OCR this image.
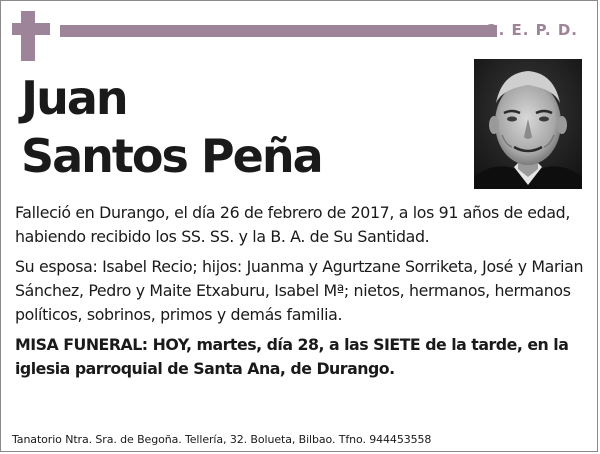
Q. E. P. D.
Juan
Santos Peña

Falleció en Durango, el día 26 de febrero de 2017, a los 91 años de edad, habiendo recibido los SS. SS. y la B. A. de Su Santidad.

Su esposa: Isabel Recio; hijos: Juanma y Agurtzane Sorriketa, José y Marian Sánchez, Pedro y Maite Etxaburu, Isabel Mª; nietos, hermanos, hermanos políticos, sobrinos, primos y demás familia.

MISA FUNERAL: HOY, martes, día 28, a las SIETE de la tarde, en la iglesia parroquial de Santa Ana, de Durango.

Tanatorio Ntra. Sra. de Begoña. Tellería, 32. Bolueta, Bilbao. Tfno. 944453558
